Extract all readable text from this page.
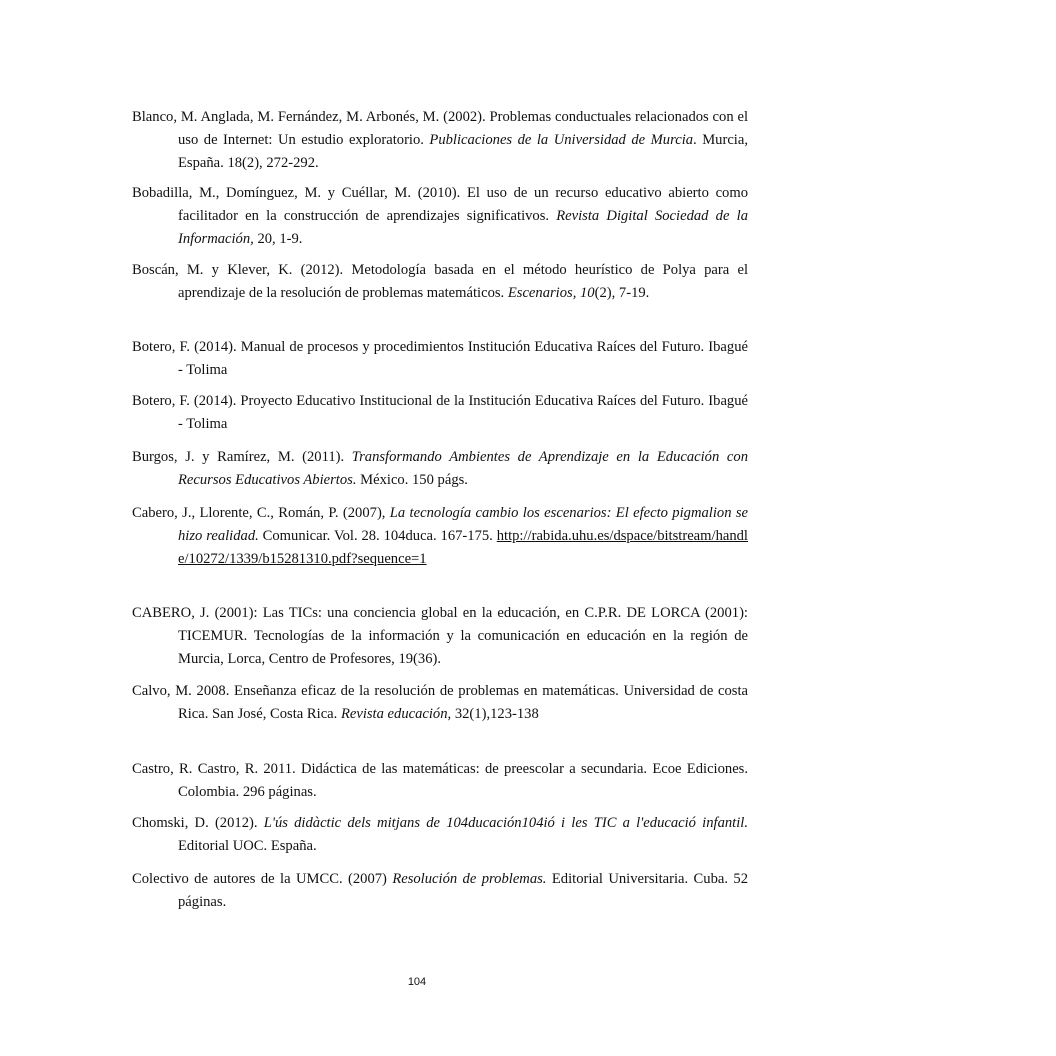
Blanco, M. Anglada, M. Fernández, M. Arbonés, M. (2002). Problemas conductuales relacionados con el uso de Internet: Un estudio exploratorio. Publicaciones de la Universidad de Murcia. Murcia, España. 18(2), 272-292.

Bobadilla, M., Domínguez, M. y Cuéllar, M. (2010). El uso de un recurso educativo abierto como facilitador en la construcción de aprendizajes significativos. Revista Digital Sociedad de la Información, 20, 1-9.

Boscán, M. y Klever, K. (2012). Metodología basada en el método heurístico de Polya para el aprendizaje de la resolución de problemas matemáticos. Escenarios, 10(2), 7-19.

Botero, F. (2014). Manual de procesos y procedimientos Institución Educativa Raíces del Futuro. Ibagué - Tolima

Botero, F. (2014). Proyecto Educativo Institucional de la Institución Educativa Raíces del Futuro. Ibagué - Tolima

Burgos, J. y Ramírez, M. (2011). Transformando Ambientes de Aprendizaje en la Educación con Recursos Educativos Abiertos. México. 150 págs.

Cabero, J., Llorente, C., Román, P. (2007), La tecnología cambio los escenarios: El efecto pigmalion se hizo realidad. Comunicar. Vol. 28. 104duca. 167-175. http://rabida.uhu.es/dspace/bitstream/handle/10272/1339/b15281310.pdf?sequence=1

CABERO, J. (2001): Las TICs: una conciencia global en la educación, en C.P.R. DE LORCA (2001): TICEMUR. Tecnologías de la información y la comunicación en educación en la región de Murcia, Lorca, Centro de Profesores, 19(36).

Calvo, M. 2008. Enseñanza eficaz de la resolución de problemas en matemáticas. Universidad de costa Rica. San José, Costa Rica. Revista educación, 32(1),123-138

Castro, R. Castro, R. 2011. Didáctica de las matemáticas: de preescolar a secundaria. Ecoe Ediciones. Colombia. 296 páginas.

Chomski, D. (2012). L'ús didàctic dels mitjans de 104ducación104ió i les TIC a l'educació infantil. Editorial UOC. España.

Colectivo de autores de la UMCC. (2007) Resolución de problemas. Editorial Universitaria. Cuba. 52 páginas.

104
